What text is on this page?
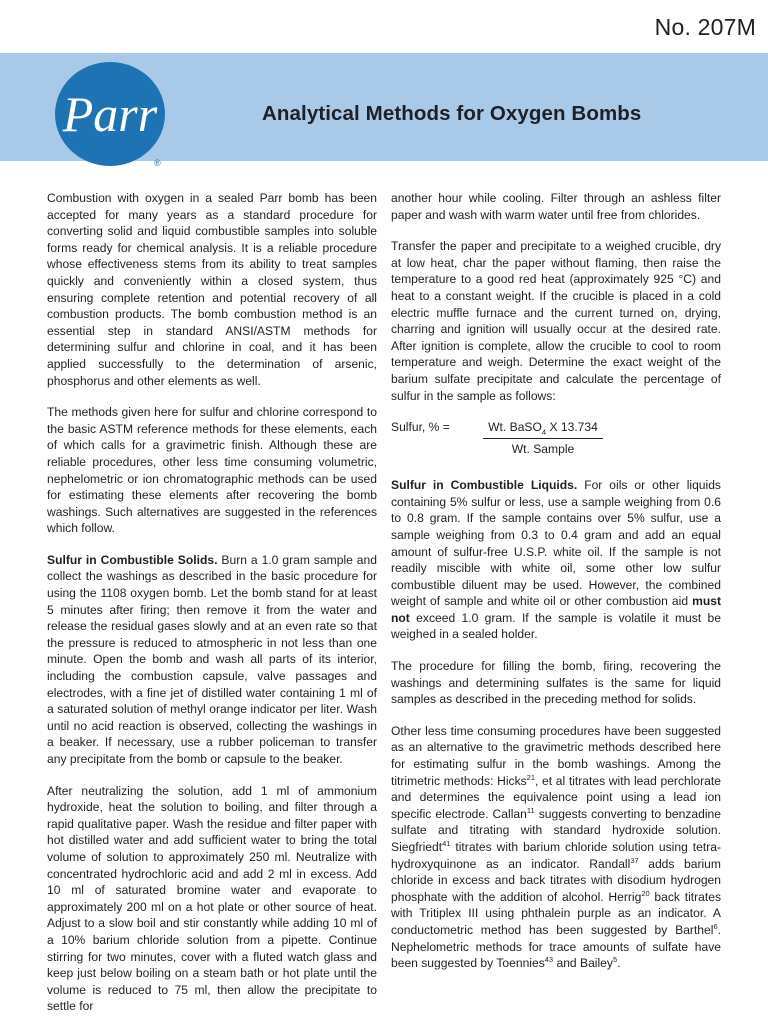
No. 207M
Parr
®
Analytical Methods for Oxygen Bombs

Combustion with oxygen in a sealed Parr bomb has been accepted for many years as a standard procedure for converting solid and liquid combustible samples into soluble forms ready for chemical analysis. It is a reliable procedure whose effectiveness stems from its ability to treat samples quickly and conveniently within a closed system, thus ensuring complete retention and potential recovery of all combustion products. The bomb combustion method is an essential step in standard ANSI/ASTM methods for determining sulfur and chlorine in coal, and it has been applied successfully to the determination of arsenic, phosphorus and other elements as well.

The methods given here for sulfur and chlorine correspond to the basic ASTM reference methods for these elements, each of which calls for a gravimetric finish. Although these are reliable procedures, other less time consuming volumetric, nephelometric or ion chromatographic methods can be used for estimating these elements after recovering the bomb washings. Such alternatives are suggested in the references which follow.

Sulfur in Combustible Solids. Burn a 1.0 gram sample and collect the washings as described in the basic procedure for using the 1108 oxygen bomb. Let the bomb stand for at least 5 minutes after firing; then remove it from the water and release the residual gases slowly and at an even rate so that the pressure is reduced to atmospheric in not less than one minute. Open the bomb and wash all parts of its interior, including the combustion capsule, valve passages and electrodes, with a fine jet of distilled water containing 1 ml of a saturated solution of methyl orange indicator per liter. Wash until no acid reaction is observed, collecting the washings in a beaker. If necessary, use a rubber policeman to transfer any precipitate from the bomb or capsule to the beaker.

After neutralizing the solution, add 1 ml of ammonium hydroxide, heat the solution to boiling, and filter through a rapid qualitative paper. Wash the residue and filter paper with hot distilled water and add sufficient water to bring the total volume of solution to approximately 250 ml. Neutralize with concentrated hydrochloric acid and add 2 ml in excess. Add 10 ml of saturated bromine water and evaporate to approximately 200 ml on a hot plate or other source of heat. Adjust to a slow boil and stir constantly while adding 10 ml of a 10% barium chloride solution from a pipette. Continue stirring for two minutes, cover with a fluted watch glass and keep just below boiling on a steam bath or hot plate until the volume is reduced to 75 ml, then allow the precipitate to settle for

another hour while cooling. Filter through an ashless filter paper and wash with warm water until free from chlorides.

Transfer the paper and precipitate to a weighed crucible, dry at low heat, char the paper without flaming, then raise the temperature to a good red heat (approximately 925 °C) and heat to a constant weight. If the crucible is placed in a cold electric muffle furnace and the current turned on, drying, charring and ignition will usually occur at the desired rate. After ignition is complete, allow the crucible to cool to room temperature and weigh. Determine the exact weight of the barium sulfate precipitate and calculate the percentage of sulfur in the sample as follows:

Sulfur, % =	Wt. BaSO$_4$ X 13.734
Wt. Sample

Sulfur in Combustible Liquids. For oils or other liquids containing 5% sulfur or less, use a sample weighing from 0.6 to 0.8 gram. If the sample contains over 5% sulfur, use a sample weighing from 0.3 to 0.4 gram and add an equal amount of sulfur-free U.S.P. white oil. If the sample is not readily miscible with white oil, some other low sulfur combustible diluent may be used. However, the combined weight of sample and white oil or other combustion aid must not exceed 1.0 gram. If the sample is volatile it must be weighed in a sealed holder.

The procedure for filling the bomb, firing, recovering the washings and determining sulfates is the same for liquid samples as described in the preceding method for solids.

Other less time consuming procedures have been suggested as an alternative to the gravimetric methods described here for estimating sulfur in the bomb washings. Among the titrimetric methods: Hicks$^{21}$, et al titrates with lead perchlorate and determines the equivalence point using a lead ion specific electrode. Callan$^{11}$ suggests converting to benzadine sulfate and titrating with standard hydroxide solution. Siegfriedt$^{41}$ titrates with barium chloride solution using tetra-hydroxyquinone as an indicator. Randall$^{37}$ adds barium chloride in excess and back titrates with disodium hydrogen phosphate with the addition of alcohol. Herrig$^{20}$ back titrates with Tritiplex III using phthalein purple as an indicator. A conductometric method has been suggested by Barthel$^6$. Nephelometric methods for trace amounts of sulfate have been suggested by Toennies$^{43}$ and Bailey$^5$.
